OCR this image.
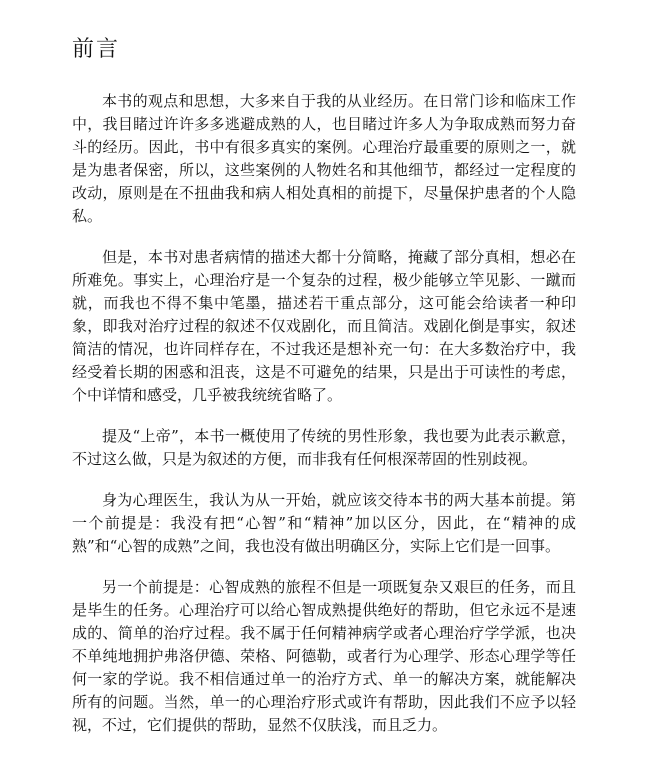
前言

本书的观点和思想，大多来自于我的从业经历。在日常门诊和临床工作中，我目睹过许许多多逃避成熟的人，也目睹过许多人为争取成熟而努力奋斗的经历。因此，书中有很多真实的案例。心理治疗最重要的原则之一，就是为患者保密，所以，这些案例的人物姓名和其他细节，都经过一定程度的改动，原则是在不扭曲我和病人相处真相的前提下，尽量保护患者的个人隐私。

但是，本书对患者病情的描述大都十分简略，掩藏了部分真相，想必在所难免。事实上，心理治疗是一个复杂的过程，极少能够立竿见影、一蹴而就，而我也不得不集中笔墨，描述若干重点部分，这可能会给读者一种印象，即我对治疗过程的叙述不仅戏剧化，而且简洁。戏剧化倒是事实，叙述简洁的情况，也许同样存在，不过我还是想补充一句：在大多数治疗中，我经受着长期的困惑和沮丧，这是不可避免的结果，只是出于可读性的考虑，个中详情和感受，几乎被我统统省略了。

提及“上帝”，本书一概使用了传统的男性形象，我也要为此表示歉意，不过这么做，只是为叙述的方便，而非我有任何根深蒂固的性别歧视。

身为心理医生，我认为从一开始，就应该交待本书的两大基本前提。第一个前提是：我没有把“心智”和“精神”加以区分，因此，在“精神的成熟”和“心智的成熟”之间，我也没有做出明确区分，实际上它们是一回事。

另一个前提是：心智成熟的旅程不但是一项既复杂又艰巨的任务，而且是毕生的任务。心理治疗可以给心智成熟提供绝好的帮助，但它永远不是速成的、简单的治疗过程。我不属于任何精神病学或者心理治疗学学派，也决不单纯地拥护弗洛伊德、荣格、阿德勒，或者行为心理学、形态心理学等任何一家的学说。我不相信通过单一的治疗方式、单一的解决方案，就能解决所有的问题。当然，单一的心理治疗形式或许有帮助，因此我们不应予以轻视，不过，它们提供的帮助，显然不仅肤浅，而且乏力。
